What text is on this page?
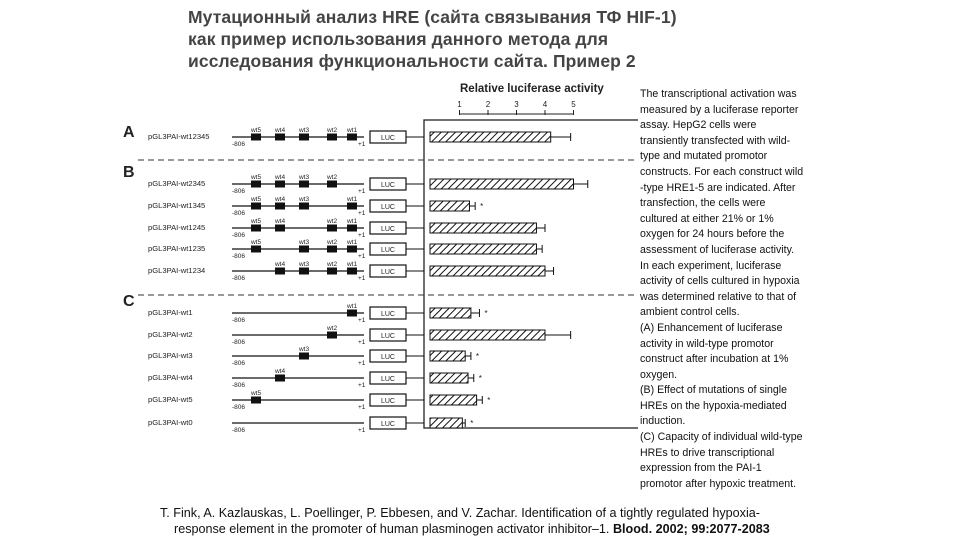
Мутационный анализ HRE (сайта связывания ТФ HIF-1)
как пример использования данного метода для
исследования функциональности сайта. Пример 2
Relative luciferase activity
1	2	3	4	5
A
B
C
pGL3PAI-wt12345
-806	+1
wt5 wt4 wt3	wt2 wt1
LUC
pGL3PAI-wt2345
-806	+1
wt5 wt4 wt3	wt2
LUC
pGL3PAI-wt1345
-806	+1
wt5 wt4 wt3	wt1
LUC	*
pGL3PAI-wt1245
-806	+1
wt5 wt4	wt2 wt1
LUC
pGL3PAI-wt1235
-806	+1
wt5	wt3	wt2 wt1
LUC
pGL3PAI-wt1234
-806	+1
wt4 wt3	wt2 wt1
LUC
pGL3PAI-wt1
-806	+1
wt1
LUC	*
pGL3PAI-wt2
-806	+1
wt2
LUC
pGL3PAI-wt3
-806	+1
wt3
LUC	*
pGL3PAI-wt4
-806	+1
wt4
LUC	*
pGL3PAI-wt5
-806	+1
wt5
LUC	*
pGL3PAI-wt0
-806	+1
LUC	*
The transcriptional activation was
measured by a luciferase reporter
assay. HepG2 cells were
transiently transfected with wild-
type and mutated promotor
constructs. For each construct wild
-type HRE1-5 are indicated. After
transfection, the cells were
cultured at either 21% or 1%
oxygen for 24 hours before the
assessment of luciferase activity.
In each experiment, luciferase
activity of cells cultured in hypoxia
was determined relative to that of
ambient control cells.
(A) Enhancement of luciferase
activity in wild-type promotor
construct after incubation at 1%
oxygen.
(B) Effect of mutations of single
HREs on the hypoxia-mediated
induction.
(C) Capacity of individual wild-type
HREs to drive transcriptional
expression from the PAI-1
promotor after hypoxic treatment.
T. Fink, A. Kazlauskas, L. Poellinger, P. Ebbesen, and V. Zachar. Identification of a tightly regulated hypoxia-
response element in the promoter of human plasminogen activator inhibitor–1. Blood. 2002; 99:2077-2083
